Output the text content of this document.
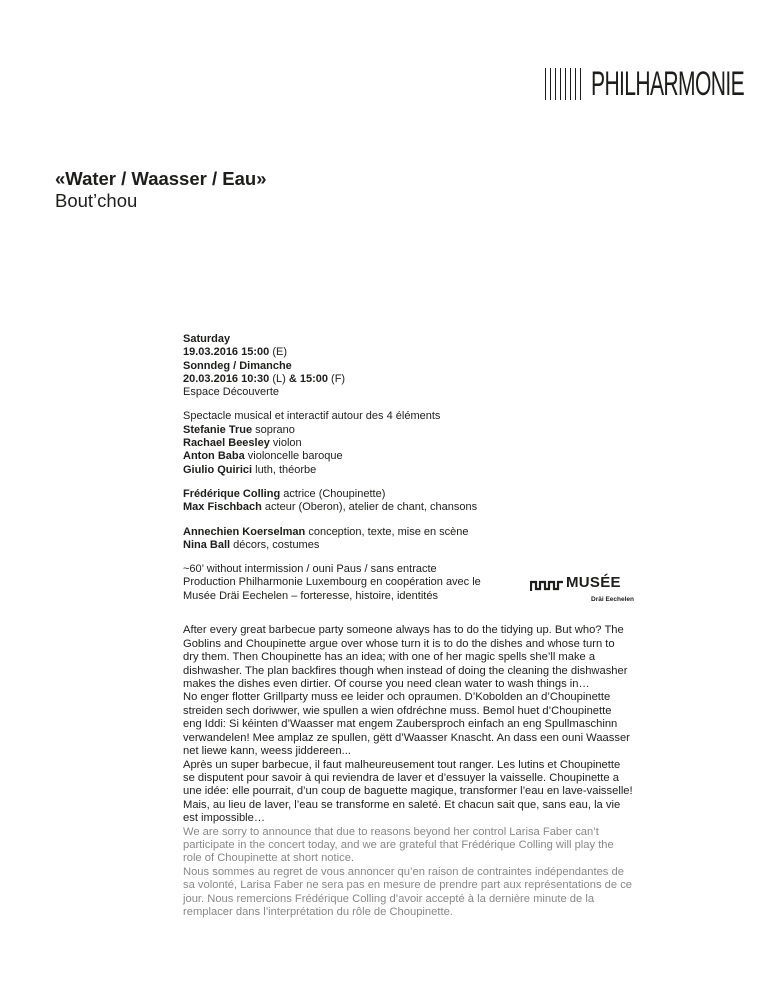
PHILHARMONIE
«Water / Waasser / Eau»
Bout’chou

Saturday

19.03.2016 15:00 (E)

Sonndeg / Dimanche

20.03.2016 10:30 (L) & 15:00 (F)

Espace Découverte

Spectacle musical et interactif autour des 4 éléments

Stefanie True soprano

Rachael Beesley violon

Anton Baba violoncelle baroque

Giulio Quirici luth, théorbe

Frédérique Colling actrice (Choupinette)

Max Fischbach acteur (Oberon), atelier de chant, chansons

Annechien Koerselman conception, texte, mise en scène

Nina Ball décors, costumes

~60’ without intermission / ouni Paus / sans entracte

Production Philharmonie Luxembourg en coopération avec le

Musée Dräi Eechelen – forteresse, histoire, identités

MUSÉE
Dräi Eechelen

After every great barbecue party someone always has to do the tidying up. But who? The Goblins and Choupinette argue over whose turn it is to do the dishes and whose turn to dry them. Then Choupinette has an idea; with one of her magic spells she’ll make a dishwasher. The plan backfires though when instead of doing the cleaning the dishwasher makes the dishes even dirtier. Of course you need clean water to wash things in…

No enger flotter Grillparty muss ee leider och opraumen. D’Kobolden an d’Choupinette streiden sech doriwwer, wie spullen a wien ofdréchne muss. Bemol huet d’Choupinette eng Iddi: Si kéinten d’Waasser mat engem Zaubersproch einfach an eng Spullmaschinn verwandelen! Mee amplaz ze spullen, gëtt d’Waasser Knascht. An dass een ouni Waasser net liewe kann, weess jiddereen...

Après un super barbecue, il faut malheureusement tout ranger. Les lutins et Choupinette se disputent pour savoir à qui reviendra de laver et d’essuyer la vaisselle. Choupinette a une idée: elle pourrait, d’un coup de baguette magique, transformer l’eau en lave-vaisselle! Mais, au lieu de laver, l’eau se transforme en saleté. Et chacun sait que, sans eau, la vie est impossible…

We are sorry to announce that due to reasons beyond her control Larisa Faber can’t participate in the concert today, and we are grateful that Frédérique Colling will play the role of Choupinette at short notice.

Nous sommes au regret de vous annoncer qu’en raison de contraintes indépendantes de sa volonté, Larisa Faber ne sera pas en mesure de prendre part aux représentations de ce jour. Nous remercions Frédérique Colling d’avoir accepté à la dernière minute de la remplacer dans l’interprétation du rôle de Choupinette.
